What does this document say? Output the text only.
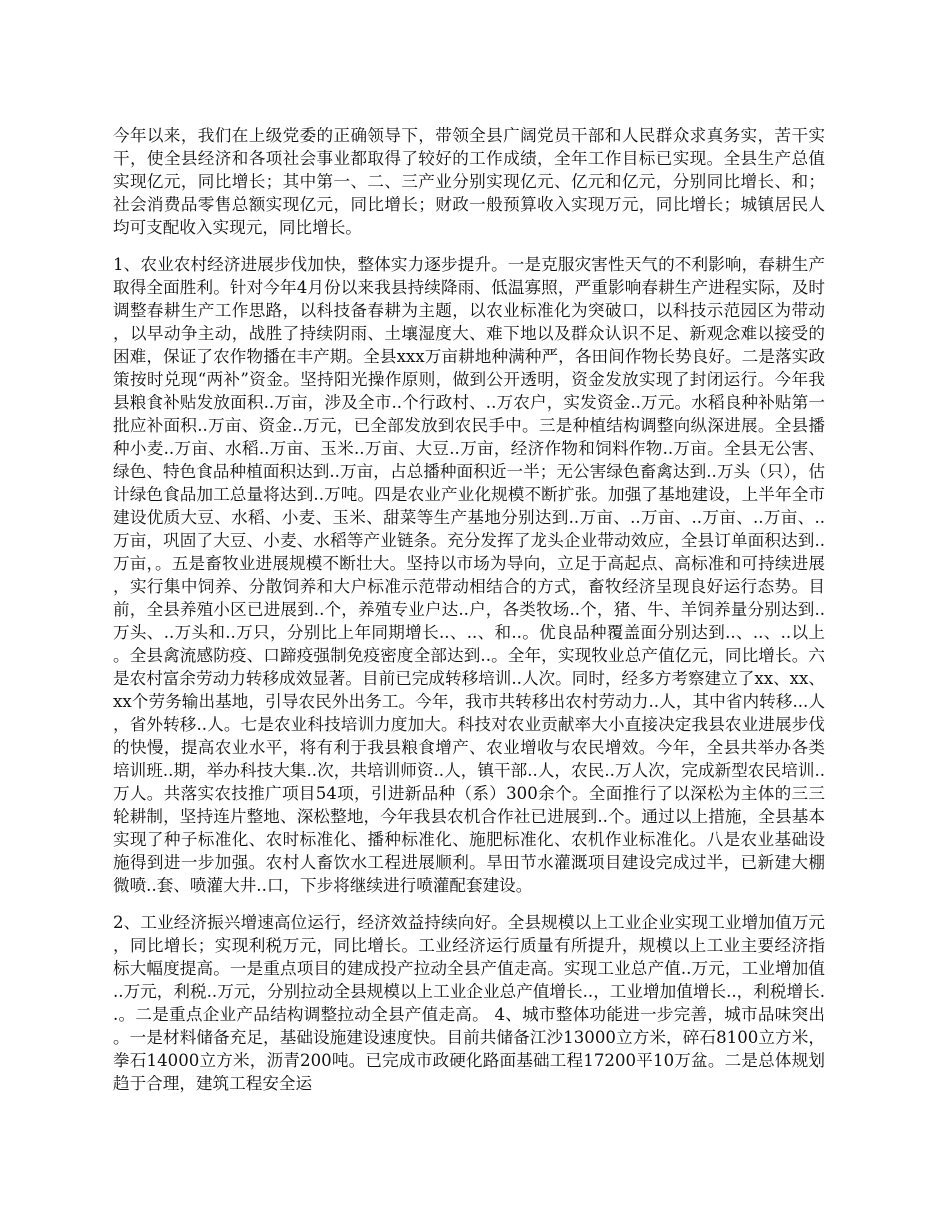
今年以来，我们在上级党委的正确领导下，带领全县广阔党员干部和人民群众求真务实，苦干实干，使全县经济和各项社会事业都取得了较好的工作成绩，全年工作目标已实现。全县生产总值实现亿元，同比增长；其中第一、二、三产业分别实现亿元、亿元和亿元，分别同比增长、和；社会消费品零售总额实现亿元，同比增长；财政一般预算收入实现万元，同比增长；城镇居民人均可支配收入实现元，同比增长。

1、农业农村经济进展步伐加快，整体实力逐步提升。一是克服灾害性天气的不利影响，春耕生产取得全面胜利。针对今年4月份以来我县持续降雨、低温寡照，严重影响春耕生产进程实际，及时调整春耕生产工作思路，以科技备春耕为主题，以农业标准化为突破口，以科技示范园区为带动，以早动争主动，战胜了持续阴雨、土壤湿度大、难下地以及群众认识不足、新观念难以接受的困难，保证了农作物播在丰产期。全县xxx万亩耕地种满种严，各田间作物长势良好。二是落实政策按时兑现“两补”资金。坚持阳光操作原则，做到公开透明，资金发放实现了封闭运行。今年我县粮食补贴发放面积..万亩，涉及全市..个行政村、..万农户，实发资金..万元。水稻良种补贴第一批应补面积..万亩、资金..万元，已全部发放到农民手中。三是种植结构调整向纵深进展。全县播种小麦..万亩、水稻..万亩、玉米..万亩、大豆..万亩，经济作物和饲料作物..万亩。全县无公害、绿色、特色食品种植面积达到..万亩，占总播种面积近一半；无公害绿色畜禽达到..万头（只），估计绿色食品加工总量将达到..万吨。四是农业产业化规模不断扩张。加强了基地建设，上半年全市建设优质大豆、水稻、小麦、玉米、甜菜等生产基地分别达到..万亩、..万亩、..万亩、..万亩、..万亩，巩固了大豆、小麦、水稻等产业链条。充分发挥了龙头企业带动效应，全县订单面积达到..万亩，。五是畜牧业进展规模不断壮大。坚持以市场为导向，立足于高起点、高标准和可持续进展，实行集中饲养、分散饲养和大户标准示范带动相结合的方式，畜牧经济呈现良好运行态势。目前，全县养殖小区已进展到..个，养殖专业户达..户，各类牧场..个，猪、牛、羊饲养量分别达到..万头、..万头和..万只，分别比上年同期增长..、..、和..。优良品种覆盖面分别达到..、..、..以上。全县禽流感防疫、口蹄疫强制免疫密度全部达到..。全年，实现牧业总产值亿元，同比增长。六是农村富余劳动力转移成效显著。目前已完成转移培训..人次。同时，经多方考察建立了xx、xx、xx个劳务输出基地，引导农民外出务工。今年，我市共转移出农村劳动力..人，其中省内转移...人，省外转移..人。七是农业科技培训力度加大。科技对农业贡献率大小直接决定我县农业进展步伐的快慢，提高农业水平，将有利于我县粮食增产、农业增收与农民增效。今年，全县共举办各类培训班..期，举办科技大集..次，共培训师资..人，镇干部..人，农民..万人次，完成新型农民培训..万人。共落实农技推广项目54项，引进新品种（系）300余个。全面推行了以深松为主体的三三轮耕制，坚持连片整地、深松整地，今年我县农机合作社已进展到..个。通过以上措施，全县基本实现了种子标准化、农时标准化、播种标准化、施肥标准化、农机作业标准化。八是农业基础设施得到进一步加强。农村人畜饮水工程进展顺利。旱田节水灌溉项目建设完成过半，已新建大棚微喷..套、喷灌大井..口，下步将继续进行喷灌配套建设。

2、工业经济振兴增速高位运行，经济效益持续向好。全县规模以上工业企业实现工业增加值万元，同比增长；实现利税万元，同比增长。工业经济运行质量有所提升，规模以上工业主要经济指标大幅度提高。一是重点项目的建成投产拉动全县产值走高。实现工业总产值..万元，工业增加值..万元，利税..万元，分别拉动全县规模以上工业企业总产值增长..，工业增加值增长..，利税增长..。二是重点企业产品结构调整拉动全县产值走高。 4、城市整体功能进一步完善，城市品味突出。一是材料储备充足，基础设施建设速度快。目前共储备江沙13000立方米，碎石8100立方米，拳石14000立方米，沥青200吨。已完成市政硬化路面基础工程17200平10万盆。二是总体规划趋于合理，建筑工程安全运
